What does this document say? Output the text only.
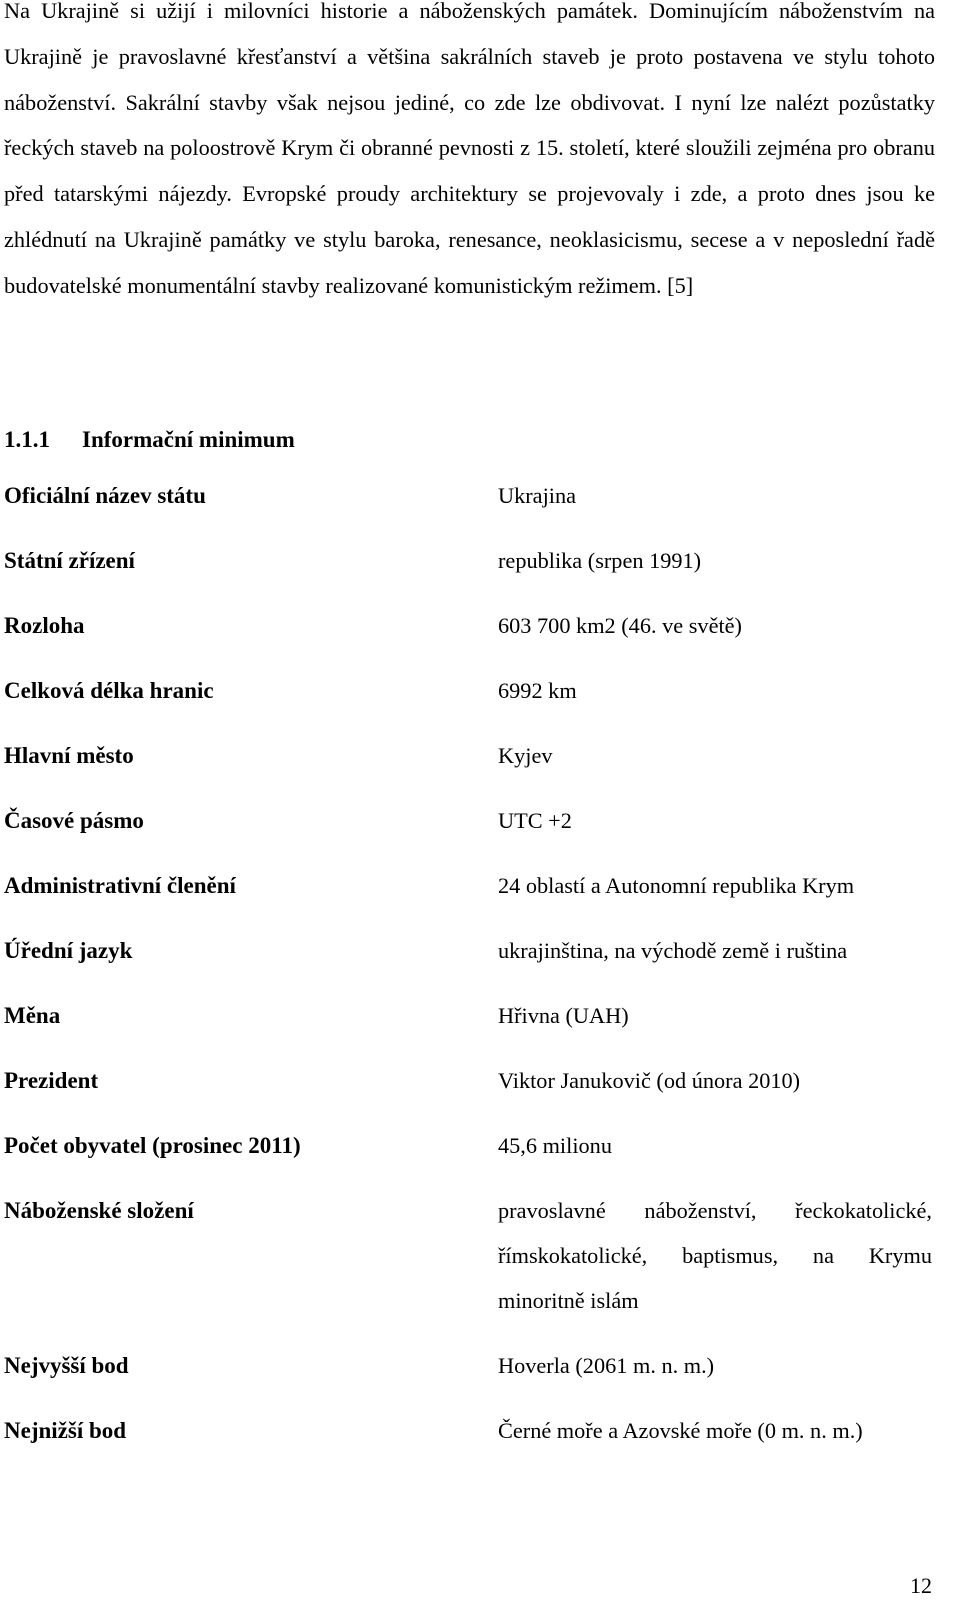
Na Ukrajině si užijí i milovníci historie a náboženských památek. Dominujícím náboženstvím na Ukrajině je pravoslavné křesťanství a většina sakrálních staveb je proto postavena ve stylu tohoto náboženství. Sakrální stavby však nejsou jediné, co zde lze obdivovat. I nyní lze nalézt pozůstatky řeckých staveb na poloostrově Krym či obranné pevnosti z 15. století, které sloužili zejména pro obranu před tatarskými nájezdy. Evropské proudy architektury se projevovaly i zde, a proto dnes jsou ke zhlédnutí na Ukrajině památky ve stylu baroka, renesance, neoklasicismu, secese a v neposlední řadě budovatelské monumentální stavby realizované komunistickým režimem. [5]

1.1.1 Informační minimum
Oficiální název státu	Ukrajina
Státní zřízení	republika (srpen 1991)
Rozloha	603 700 km2 (46. ve světě)
Celková délka hranic	6992 km
Hlavní město	Kyjev
Časové pásmo	UTC +2
Administrativní členění	24 oblastí a Autonomní republika Krym
Úřední jazyk	ukrajinština, na východě země i ruština
Měna	Hřivna (UAH)
Prezident	Viktor Janukovič (od února 2010)
Počet obyvatel (prosinec 2011)	45,6 milionu
Náboženské složení	pravoslavné náboženství, řeckokatolické, římskokatolické, baptismus, na Krymu minoritně islám
Nejvyšší bod	Hoverla (2061 m. n. m.)
Nejnižší bod	Černé moře a Azovské moře (0 m. n. m.)
12
